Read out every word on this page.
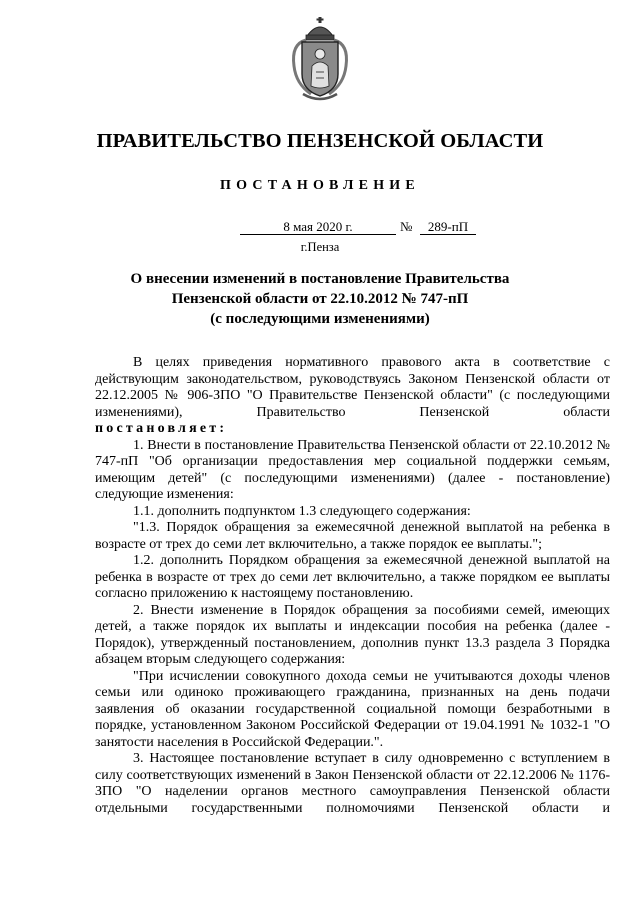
ПРАВИТЕЛЬСТВО ПЕНЗЕНСКОЙ ОБЛАСТИ
ПОСТАНОВЛЕНИЕ
8 мая 2020 г.	№	289-пП
г.Пенза
О внесении изменений в постановление Правительства
Пензенской области от 22.10.2012 № 747-пП
(с последующими изменениями)

В целях приведения нормативного правового акта в соответствие с действующим законодательством, руководствуясь Законом Пензенской области от 22.12.2005 № 906-ЗПО "О Правительстве Пензенской области" (с последующими изменениями), Правительство Пензенской области

постановляет:

1. Внести в постановление Правительства Пензенской области от 22.10.2012 № 747-пП "Об организации предоставления мер социальной поддержки семьям, имеющим детей" (с последующими изменениями) (далее - постановление) следующие изменения:

1.1. дополнить подпунктом 1.3 следующего содержания:

"1.3. Порядок обращения за ежемесячной денежной выплатой на ребенка в возрасте от трех до семи лет включительно, а также порядок ее выплаты.";

1.2. дополнить Порядком обращения за ежемесячной денежной выплатой на ребенка в возрасте от трех до семи лет включительно, а также порядком ее выплаты согласно приложению к настоящему постановлению.

2. Внести изменение в Порядок обращения за пособиями семей, имеющих детей, а также порядок их выплаты и индексации пособия на ребенка (далее - Порядок), утвержденный постановлением, дополнив пункт 13.3 раздела 3 Порядка абзацем вторым следующего содержания:

"При исчислении совокупного дохода семьи не учитываются доходы членов семьи или одиноко проживающего гражданина, признанных на день подачи заявления об оказании государственной социальной помощи безработными в порядке, установленном Законом Российской Федерации от 19.04.1991 № 1032-1 "О занятости населения в Российской Федерации.".

3. Настоящее постановление вступает в силу одновременно с вступлением в силу соответствующих изменений в Закон Пензенской области от 22.12.2006 № 1176-ЗПО "О наделении органов местного самоуправления Пензенской области отдельными государственными полномочиями Пензенской области и
